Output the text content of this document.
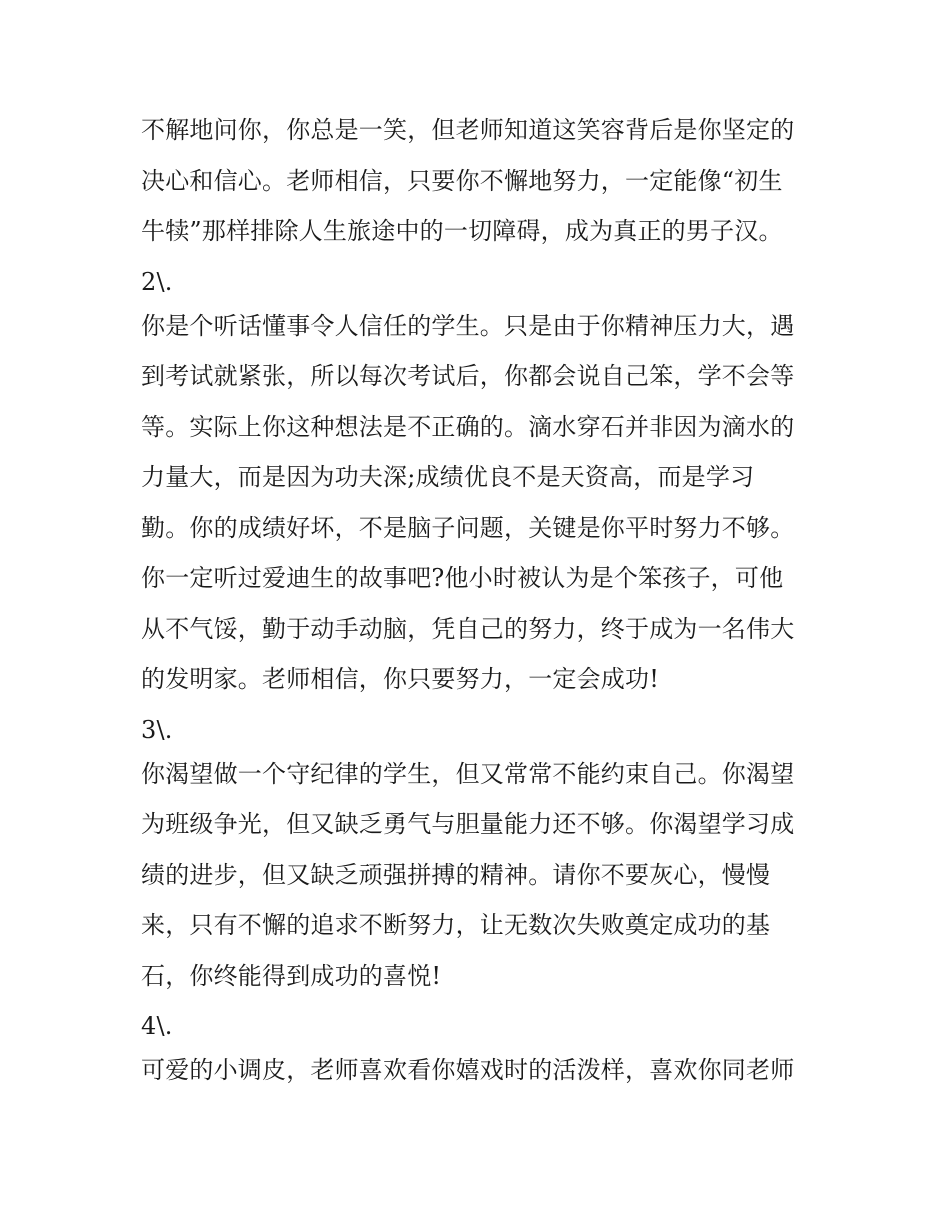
不解地问你，你总是一笑，但老师知道这笑容背后是你坚定的
决心和信心。老师相信，只要你不懈地努力，一定能像“初生
牛犊”那样排除人生旅途中的一切障碍，成为真正的男子汉。
2\.
你是个听话懂事令人信任的学生。只是由于你精神压力大，遇
到考试就紧张，所以每次考试后，你都会说自己笨，学不会等
等。实际上你这种想法是不正确的。滴水穿石并非因为滴水的
力量大，而是因为功夫深;成绩优良不是天资高，而是学习
勤。你的成绩好坏，不是脑子问题，关键是你平时努力不够。
你一定听过爱迪生的故事吧?他小时被认为是个笨孩子，可他
从不气馁，勤于动手动脑，凭自己的努力，终于成为一名伟大
的发明家。老师相信，你只要努力，一定会成功!
3\.
你渴望做一个守纪律的学生，但又常常不能约束自己。你渴望
为班级争光，但又缺乏勇气与胆量能力还不够。你渴望学习成
绩的进步，但又缺乏顽强拼搏的精神。请你不要灰心，慢慢
来，只有不懈的追求不断努力，让无数次失败奠定成功的基
石，你终能得到成功的喜悦!
4\.
可爱的小调皮，老师喜欢看你嬉戏时的活泼样，喜欢你同老师
